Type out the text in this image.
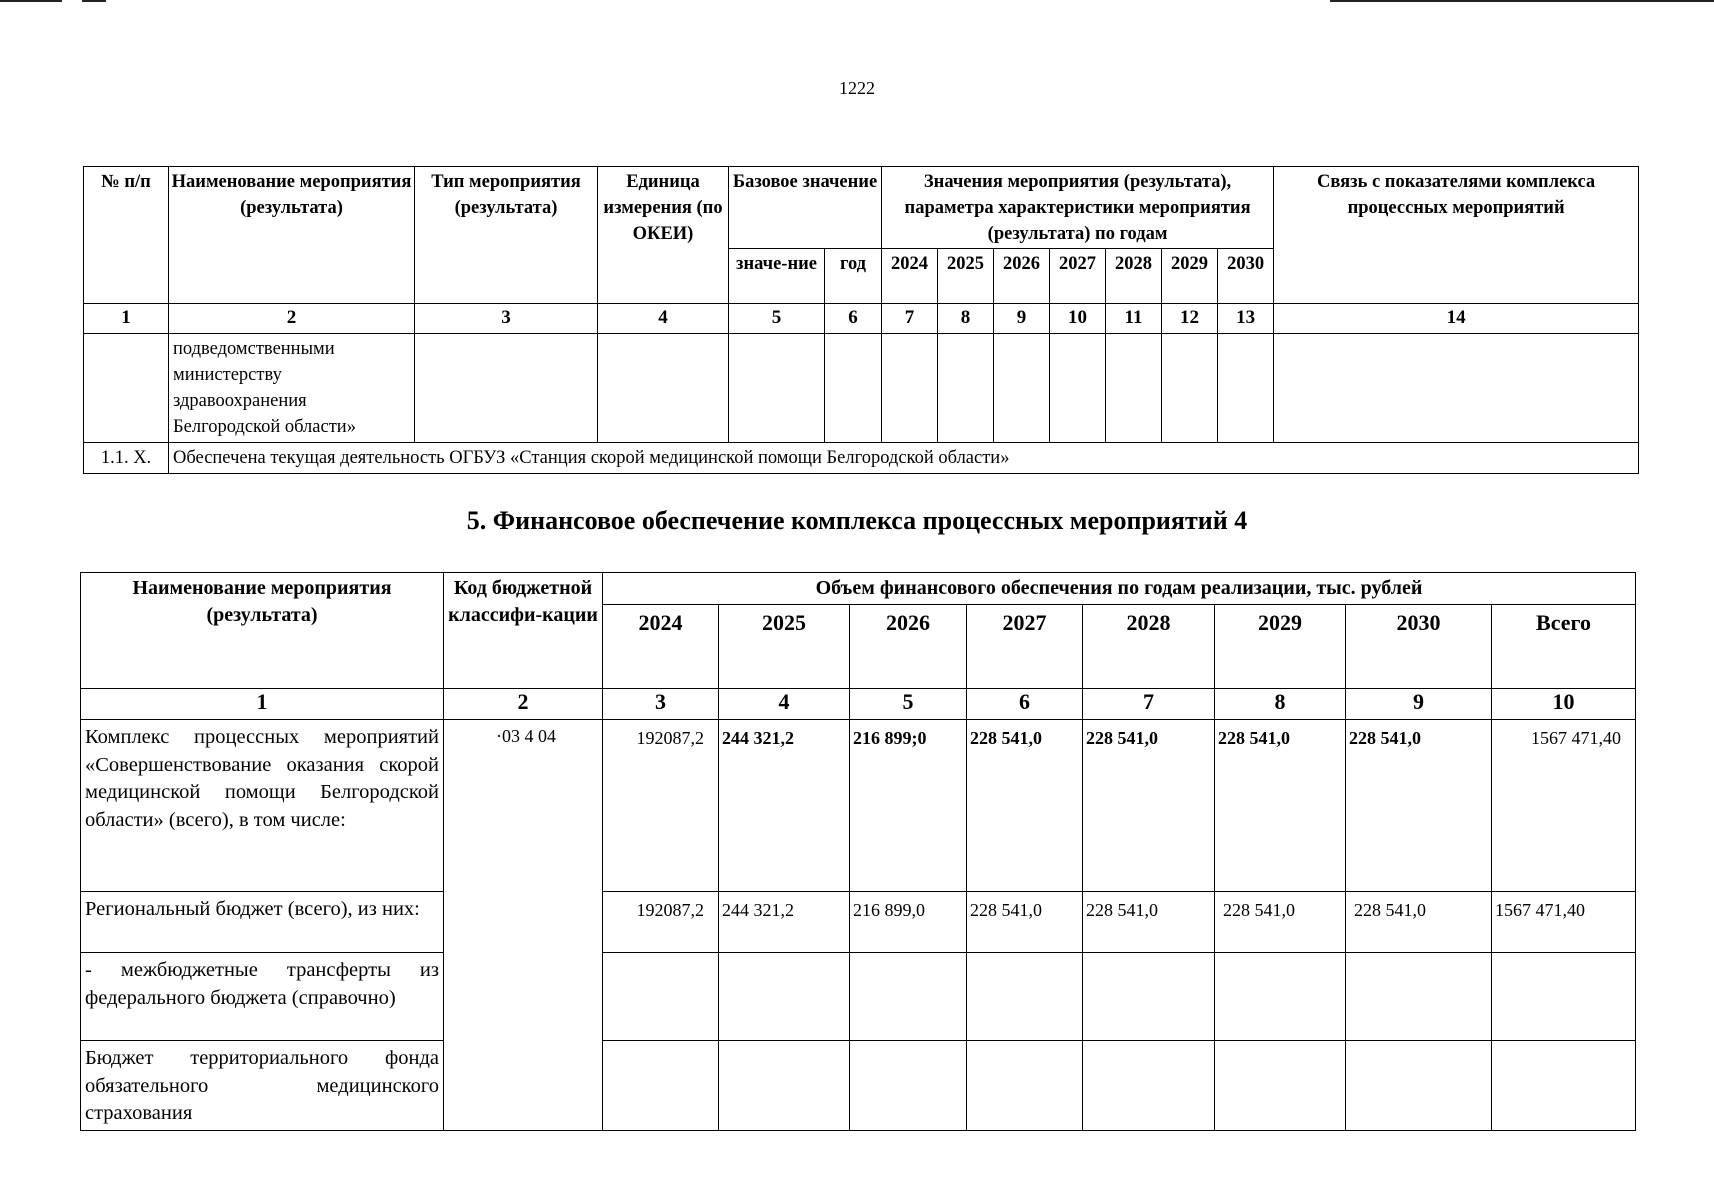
1222
№ п/п	Наименование мероприятия (результата)	Тип мероприятия (результата)	Единица измерения (по ОКЕИ)	Базовое значение		Значения мероприятия (результата), параметра характеристики мероприятия (результата) по годам							Связь с показателями комплекса процессных мероприятий
				значе-ние	год	2024	2025	2026	2027	2028	2029	2030	
1	2	3	4	5	6	7	8	9	10	11	12	13	14
	подведомственными министерству здравоохранения Белгородской области»												
1.1. X.	Обеспечена текущая деятельность ОГБУЗ «Станция скорой медицинской помощи Белгородской области»												
5. Финансовое обеспечение комплекса процессных мероприятий 4
Наименование мероприятия (результата)	Код бюджетной классифи-кации	Объем финансового обеспечения по годам реализации, тыс. рублей							
		2024	2025	2026	2027	2028	2029	2030	Всего
1	2	3	4	5	6	7	8	9	10
Комплекс процессных мероприятий «Совершенствование оказания скорой медицинской помощи Белгородской области» (всего), в том числе:	·03 4 04	192087,2	244 321,2	216 899;0	228 541,0	228 541,0	228 541,0	228 541,0	1567 471,40
Региональный бюджет (всего), из них:		192087,2	244 321,2	216 899,0	228 541,0	228 541,0	228 541,0	228 541,0	1567 471,40
- межбюджетные трансферты из федерального бюджета (справочно)									
Бюджет территориального фонда обязательного медицинского страхования									
